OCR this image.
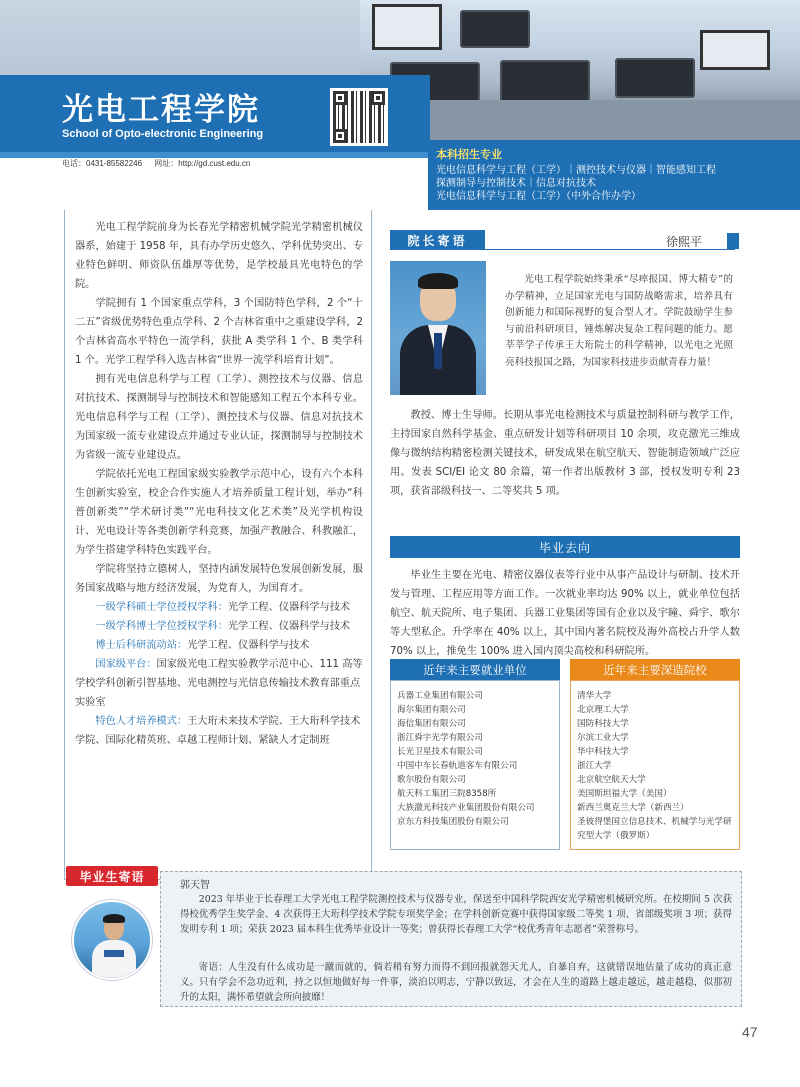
光电工程学院
School of Opto-electronic Engineering
电话：0431-85582246 网址：http://gd.cust.edu.cn
本科招生专业
光电信息科学与工程（工学）｜测控技术与仪器｜智能感知工程
探测制导与控制技术｜信息对抗技术
光电信息科学与工程（工学）（中外合作办学）

光电工程学院前身为长春光学精密机械学院光学精密机械仪器系，始建于 1958 年，具有办学历史悠久、学科优势突出、专业特色鲜明、师资队伍雄厚等优势，是学校最具光电特色的学院。

学院拥有 1 个国家重点学科，3 个国防特色学科，2 个“十二五”省级优势特色重点学科、2 个吉林省重中之重建设学科，2 个吉林省高水平特色一流学科，获批 A 类学科 1 个、B 类学科 1 个。光学工程学科入选吉林省“世界一流学科培育计划”。

拥有光电信息科学与工程（工学）、测控技术与仪器、信息对抗技术、探测制导与控制技术和智能感知工程五个本科专业。光电信息科学与工程（工学）、测控技术与仪器、信息对抗技术为国家级一流专业建设点并通过专业认证，探测制导与控制技术为省级一流专业建设点。

学院依托光电工程国家级实验教学示范中心，设有六个本科生创新实验室，校企合作实施人才培养质量工程计划，举办“科普创新类”“学术研讨类”“光电科技文化艺术类”及光学机构设计、光电设计等各类创新学科竞赛，加强产教融合、科教融汇，为学生搭建学科特色实践平台。

学院将坚持立德树人，坚持内涵发展特色发展创新发展，服务国家战略与地方经济发展，为党育人，为国育才。

一级学科硕士学位授权学科：光学工程、仪器科学与技术
一级学科博士学位授权学科：光学工程、仪器科学与技术
博士后科研流动站：光学工程、仪器科学与技术
国家级平台：国家级光电工程实验教学示范中心、111 高等学校学科创新引智基地、光电测控与光信息传输技术教育部重点实验室
特色人才培养模式：王大珩未来技术学院、王大珩科学技术学院、国际化精英班、卓越工程师计划、紧缺人才定制班
院长寄语	徐熙平
光电工程学院始终秉承“尽瘁报国、博大精专”的办学精神，立足国家光电与国防战略需求，培养具有创新能力和国际视野的复合型人才。学院鼓励学生参与前沿科研项目，锤炼解决复杂工程问题的能力。愿莘莘学子传承王大珩院士的科学精神，以光电之光照亮科技报国之路，为国家科技进步贡献青春力量！
教授、博士生导师。长期从事光电检测技术与质量控制科研与教学工作，主持国家自然科学基金、重点研发计划等科研项目 10 余项，攻克激光三维成像与微纳结构精密检测关键技术，研发成果在航空航天、智能制造领域广泛应用。发表 SCI/EI 论文 80 余篇，第一作者出版教材 3 部，授权发明专利 23 项，获省部级科技一、二等奖共 5 项。
毕业去向
毕业生主要在光电、精密仪器仪表等行业中从事产品设计与研制、技术开发与管理、工程应用等方面工作。一次就业率均达 90% 以上，就业单位包括航空、航天院所、电子集团、兵器工业集团等国有企业以及宇瞳、舜宇、歌尔等大型私企。升学率在 40% 以上，其中国内著名院校及海外高校占升学人数 70% 以上，推免生 100% 进入国内顶尖高校和科研院所。
近年来主要就业单位	近年来主要深造院校
兵器工业集团有限公司
海尔集团有限公司
海信集团有限公司
浙江舜宇光学有限公司
长光卫星技术有限公司
中国中车长春轨道客车有限公司
歌尔股份有限公司
航天科工集团三院8358所
大族激光科技产业集团股份有限公司
京东方科技集团股份有限公司
清华大学
北京理工大学
国防科技大学
尔滨工业大学
华中科技大学
浙江大学
北京航空航天大学
美国斯坦福大学（美国）
新西兰奥克兰大学（新西兰）
圣彼得堡国立信息技术、机械学与光学研
究型大学（俄罗斯）
毕业生寄语
郭天智
2023 年毕业于长春理工大学光电工程学院测控技术与仪器专业，保送至中国科学院西安光学精密机械研究所。在校期间 5 次获得校优秀学生奖学金、4 次获得王大珩科学技术学院专项奖学金；在学科创新竞赛中获得国家级二等奖 1 项、省部级奖项 3 项；获得发明专利 1 项；荣获 2023 届本科生优秀毕业设计一等奖；曾获得长春理工大学“校优秀青年志愿者”荣誉称号。
寄语：人生没有什么成功是一蹴而就的，倘若稍有努力而得不到回报就怨天尤人，自暴自弃，这就错误地估量了成功的真正意义。只有学会不急功近利，持之以恒地做好每一件事，淡泊以明志，宁静以致远，才会在人生的道路上越走越远，越走越稳，似那初升的太阳，满怀希望就会所向披靡！
47
